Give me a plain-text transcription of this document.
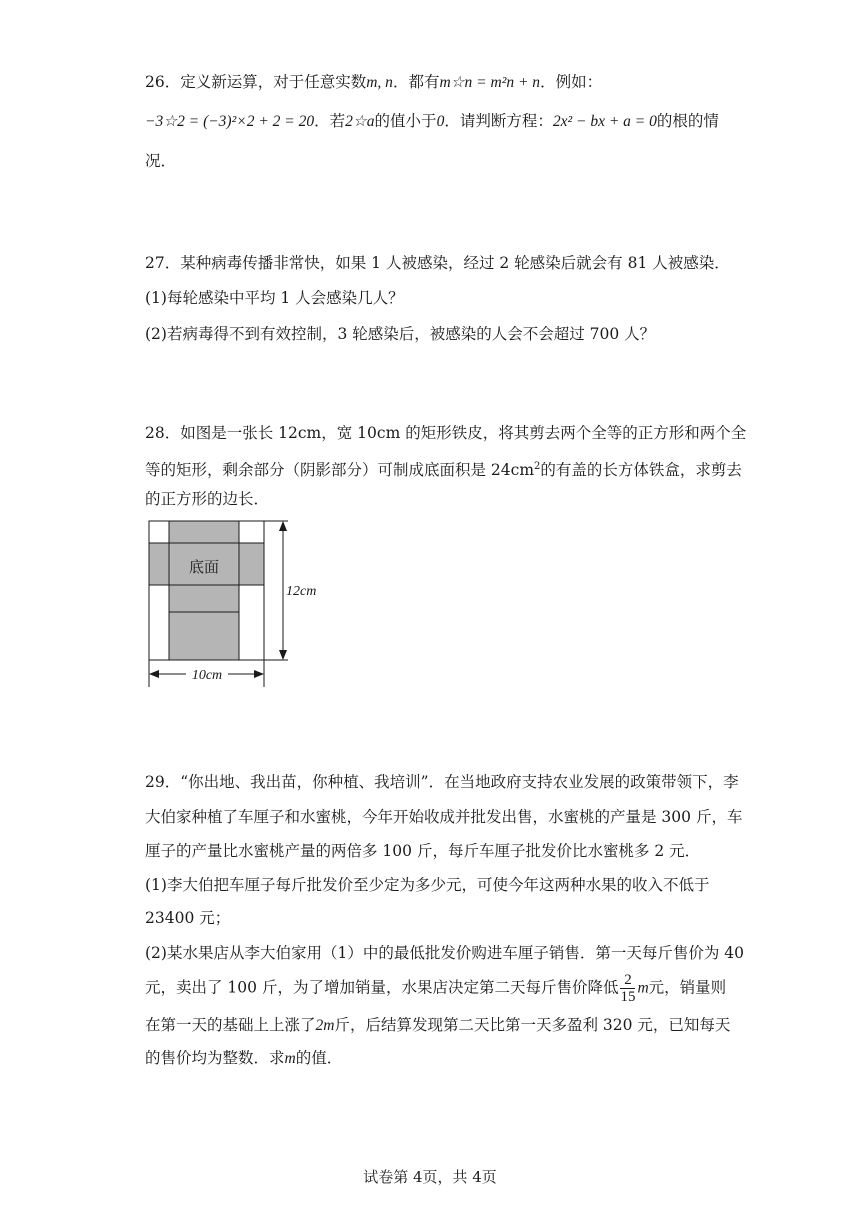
26．定义新运算，对于任意实数m, n．都有m☆n = m²n + n．例如：
−3☆2 = (−3)²×2 + 2 = 20．若2☆a的值小于0．请判断方程：2x² − bx + a = 0的根的情
况．
27．某种病毒传播非常快，如果 1 人被感染，经过 2 轮感染后就会有 81 人被感染．
(1)每轮感染中平均 1 人会感染几人？
(2)若病毒得不到有效控制，3 轮感染后，被感染的人会不会超过 700 人？
28．如图是一张长 12cm，宽 10cm 的矩形铁皮，将其剪去两个全等的正方形和两个全
等的矩形，剩余部分（阴影部分）可制成底面积是 $24cm^2$的有盖的长方体铁盒，求剪去
的正方形的边长．
底面
12cm
10cm
29．“你出地、我出苗，你种植、我培训”．在当地政府支持农业发展的政策带领下，李
大伯家种植了车厘子和水蜜桃，今年开始收成并批发出售，水蜜桃的产量是 300 斤，车
厘子的产量比水蜜桃产量的两倍多 100 斤，每斤车厘子批发价比水蜜桃多 2 元．
(1)李大伯把车厘子每斤批发价至少定为多少元，可使今年这两种水果的收入不低于
23400 元；
(2)某水果店从李大伯家用（1）中的最低批发价购进车厘子销售．第一天每斤售价为 40
元，卖出了 100 斤，为了增加销量，水果店决定第二天每斤售价降低 $\frac{2}{15}$ m元，销量则
在第一天的基础上上涨了2m斤，后结算发现第二天比第一天多盈利 320 元，已知每天
的售价均为整数．求m的值．
试卷第 4页，共 4页
